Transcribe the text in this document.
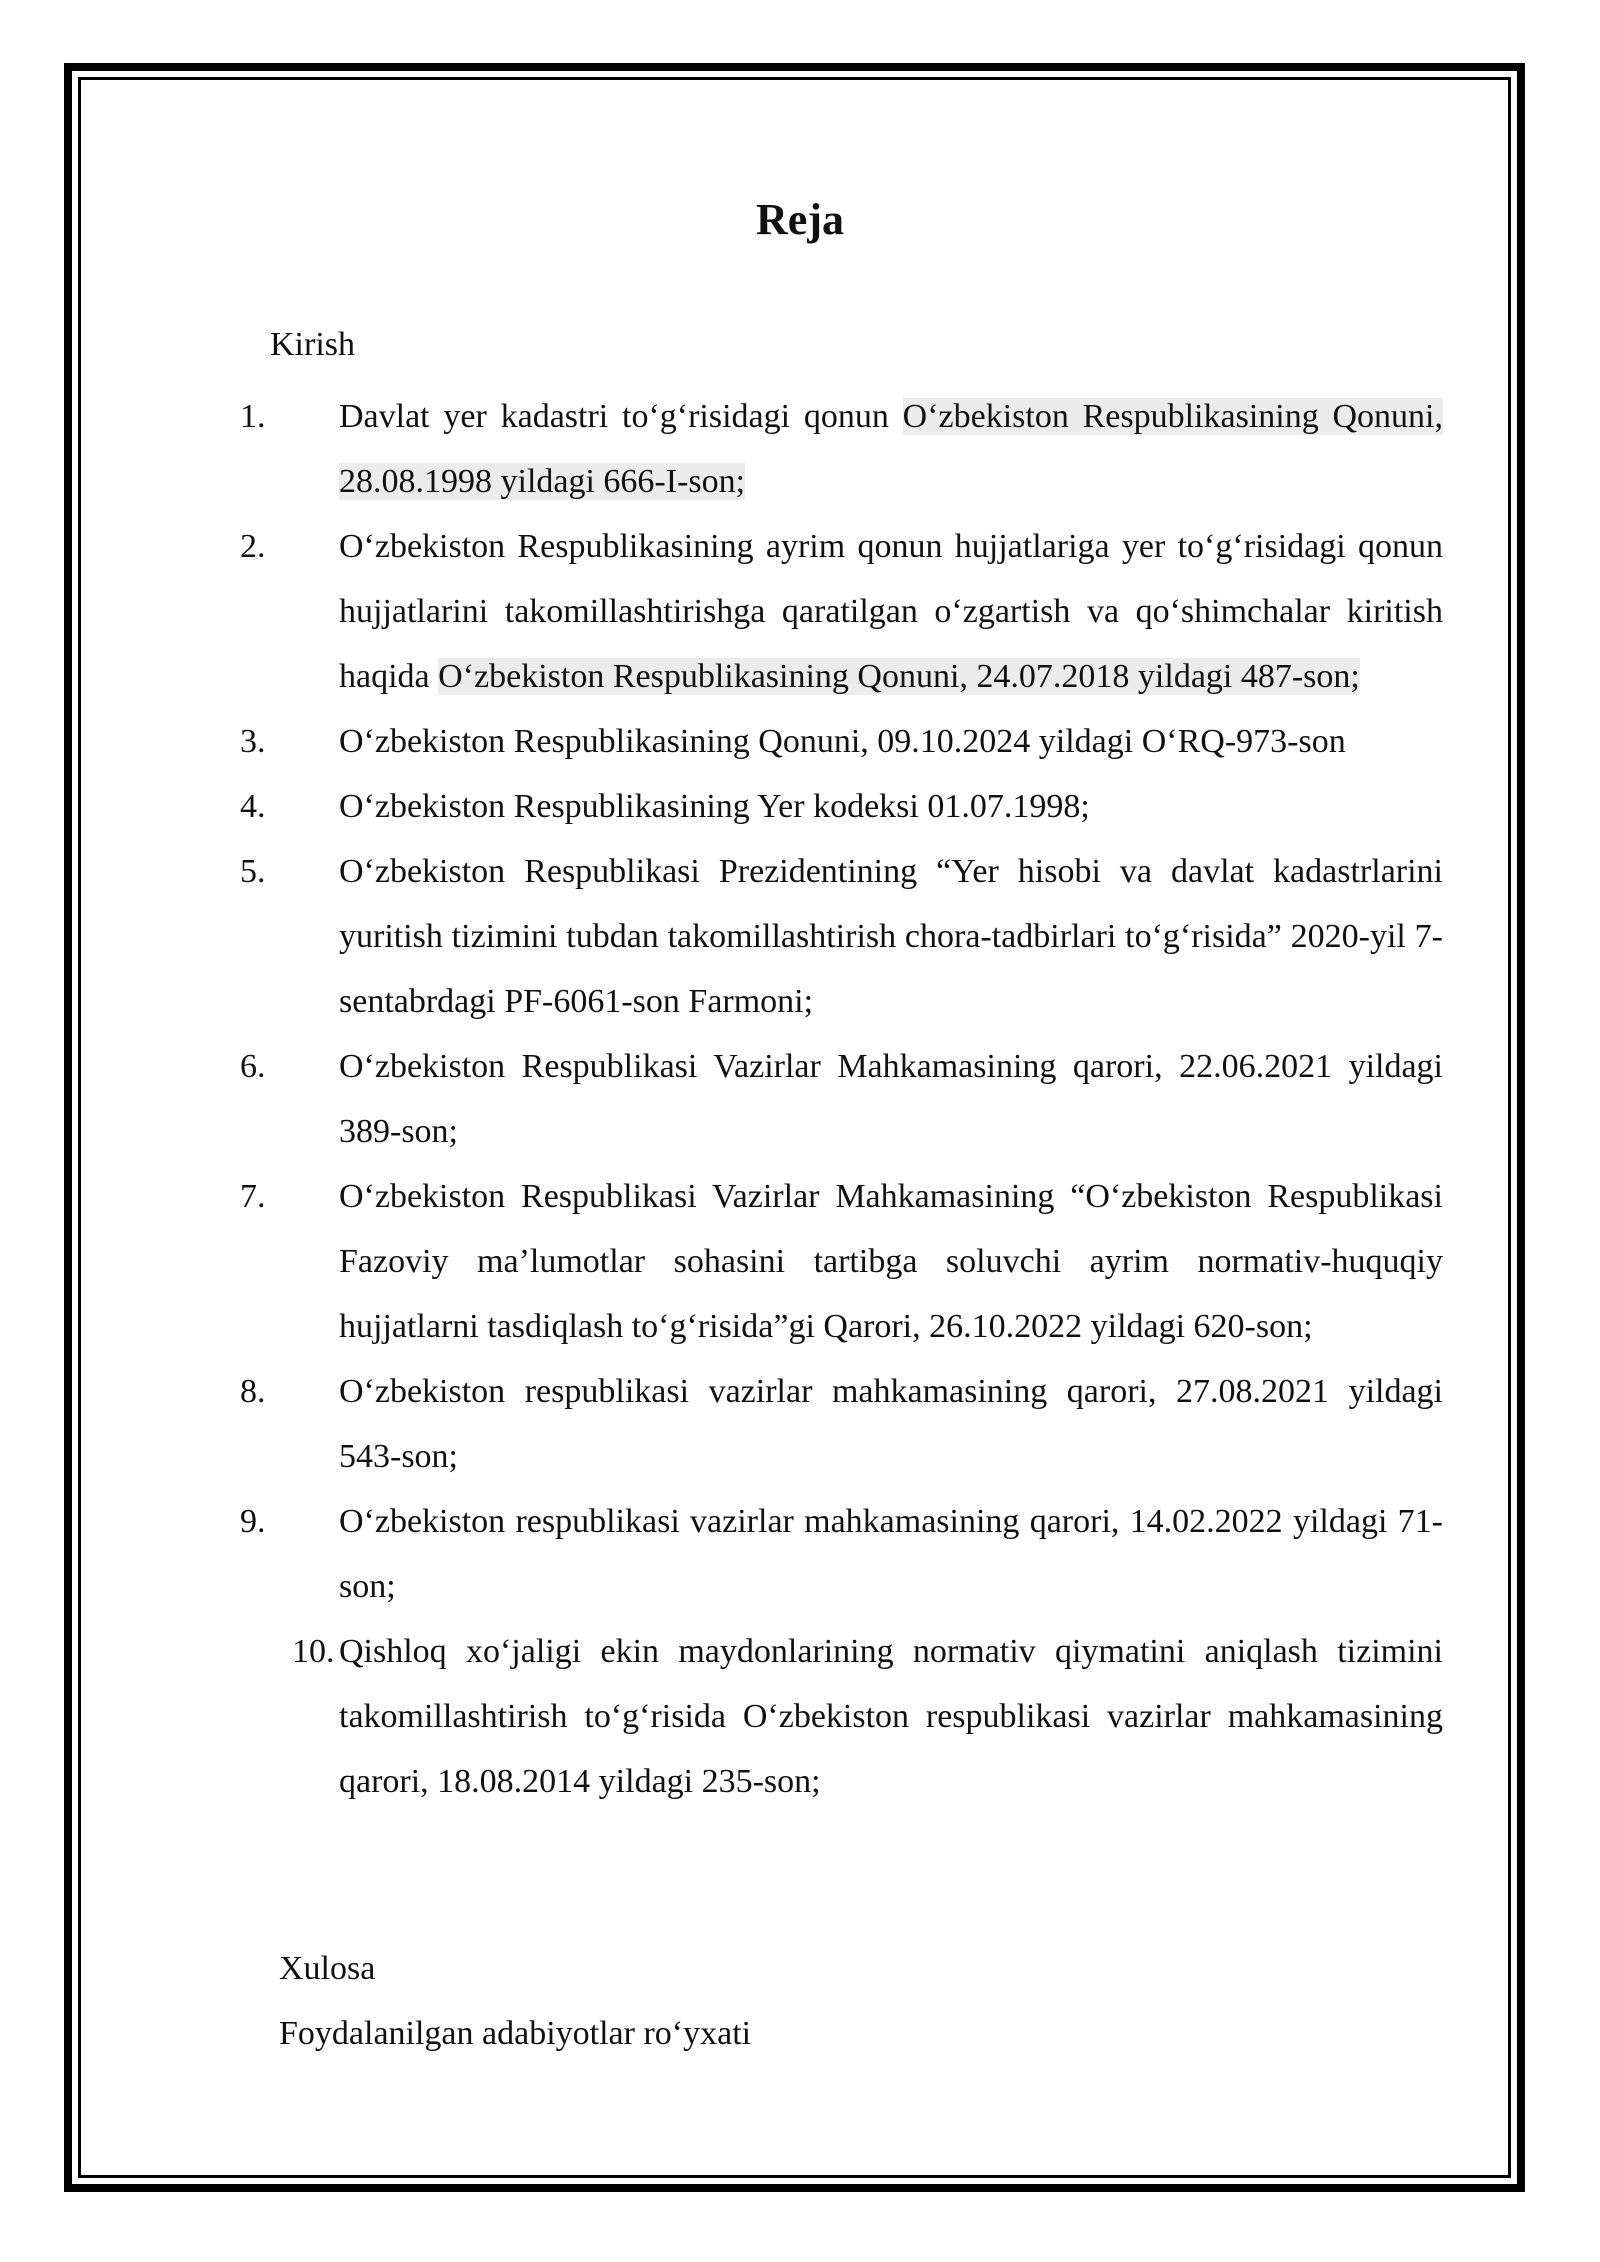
Reja
Kirish
1.	Davlat yer kadastri to‘g‘risidagi qonun O‘zbekiston Respublikasining Qonuni, 28.08.1998 yildagi 666-I-son;
2.	O‘zbekiston Respublikasining ayrim qonun hujjatlariga yer to‘g‘risidagi qonun hujjatlarini takomillashtirishga qaratilgan o‘zgartish va qo‘shimchalar kiritish haqida O‘zbekiston Respublikasining Qonuni, 24.07.2018 yildagi 487-son;
3.	O‘zbekiston Respublikasining Qonuni, 09.10.2024 yildagi O‘RQ-973-son
4.	O‘zbekiston Respublikasining Yer kodeksi 01.07.1998;
5.	O‘zbekiston Respublikasi Prezidentining “Yer hisobi va davlat kadastrlarini yuritish tizimini tubdan takomillashtirish chora-tadbirlari to‘g‘risida” 2020-yil 7-sentabrdagi PF-6061-son Farmoni;
6.	O‘zbekiston Respublikasi Vazirlar Mahkamasining qarori, 22.06.2021 yildagi 389-son;
7.	O‘zbekiston Respublikasi Vazirlar Mahkamasining “O‘zbekiston Respublikasi Fazoviy ma’lumotlar sohasini tartibga soluvchi ayrim normativ-huquqiy hujjatlarni tasdiqlash to‘g‘risida”gi Qarori, 26.10.2022 yildagi 620-son;
8.	O‘zbekiston respublikasi vazirlar mahkamasining qarori, 27.08.2021 yildagi 543-son;
9.	O‘zbekiston respublikasi vazirlar mahkamasining qarori, 14.02.2022 yildagi 71-son;
10. Qishloq xo‘jaligi ekin maydonlarining normativ qiymatini aniqlash tizimini takomillashtirish to‘g‘risida O‘zbekiston respublikasi vazirlar mahkamasining qarori, 18.08.2014 yildagi 235-son;
Xulosa
Foydalanilgan adabiyotlar ro‘yxati
